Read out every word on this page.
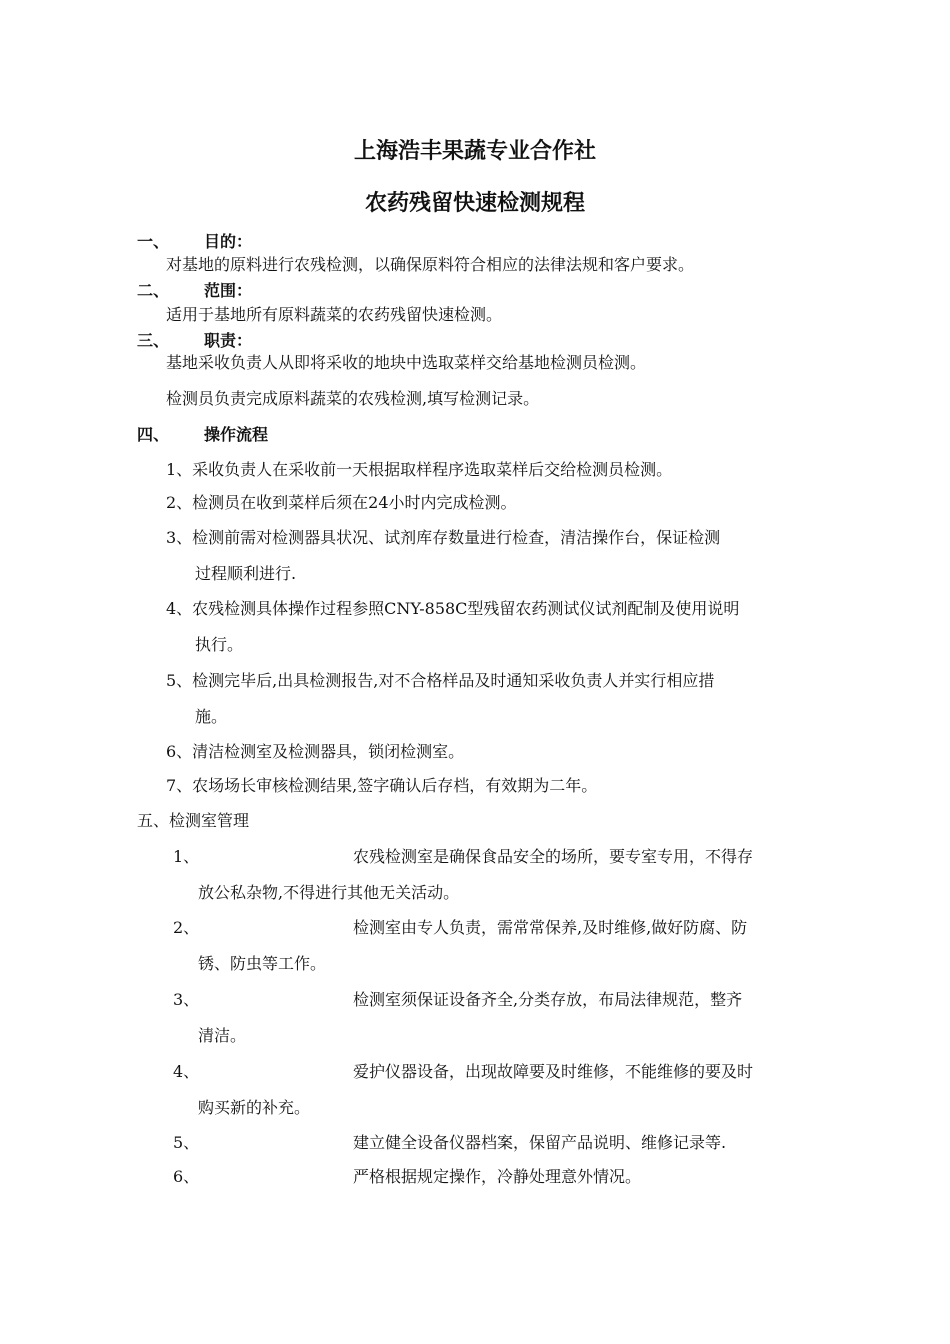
上海浩丰果蔬专业合作社
农药残留快速检测规程
一、 目的：
对基地的原料进行农残检测，以确保原料符合相应的法律法规和客户要求。
二、 范围：
适用于基地所有原料蔬菜的农药残留快速检测。
三、 职责：
基地采收负责人从即将采收的地块中选取菜样交给基地检测员检测。
检测员负责完成原料蔬菜的农残检测,填写检测记录。
四、 操作流程
1、采收负责人在采收前一天根据取样程序选取菜样后交给检测员检测。
2、检测员在收到菜样后须在24小时内完成检测。
3、检测前需对检测器具状况、试剂库存数量进行检查，清洁操作台，保证检测
过程顺利进行.
4、农残检测具体操作过程参照CNY-858C型残留农药测试仪试剂配制及使用说明
执行。
5、检测完毕后,出具检测报告,对不合格样品及时通知采收负责人并实行相应措
施。
6、清洁检测室及检测器具，锁闭检测室。
7、农场场长审核检测结果,签字确认后存档，有效期为二年。
五、检测室管理
1、	农残检测室是确保食品安全的场所，要专室专用，不得存
放公私杂物,不得进行其他无关活动。
2、	检测室由专人负责，需常常保养,及时维修,做好防腐、防
锈、防虫等工作。
3、	检测室须保证设备齐全,分类存放，布局法律规范，整齐
清洁。
4、	爱护仪器设备，出现故障要及时维修，不能维修的要及时
购买新的补充。
5、	建立健全设备仪器档案，保留产品说明、维修记录等.
6、	严格根据规定操作，冷静处理意外情况。
